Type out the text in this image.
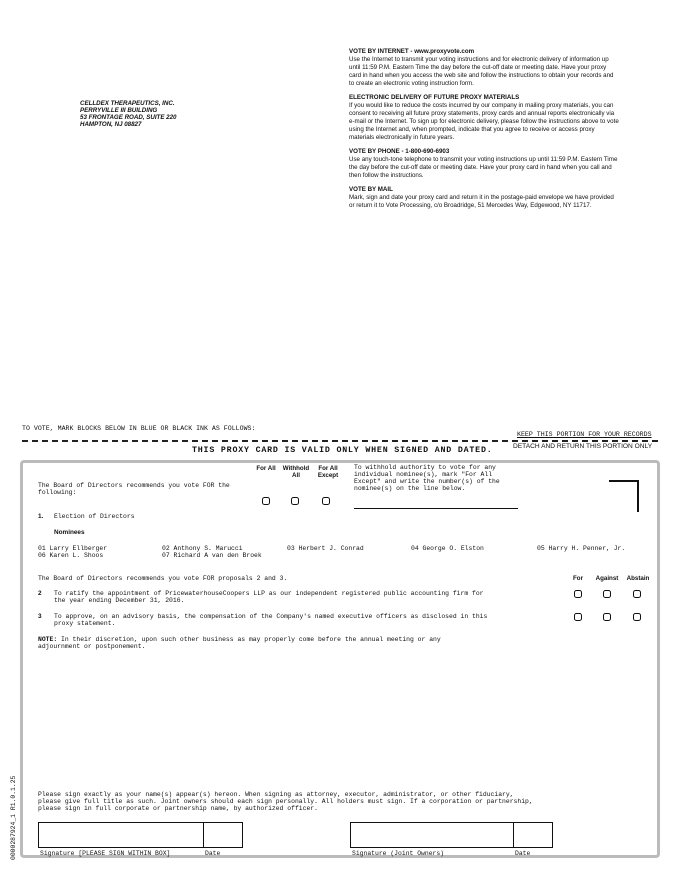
CELLDEX THERAPEUTICS, INC.
PERRYVILLE III BUILDING
53 FRONTAGE ROAD, SUITE 220
HAMPTON, NJ 08827
VOTE BY INTERNET - www.proxyvote.com
Use the Internet to transmit your voting instructions and for electronic delivery of information up until 11:59 P.M. Eastern Time the day before the cut-off date or meeting date. Have your proxy card in hand when you access the web site and follow the instructions to obtain your records and to create an electronic voting instruction form.
ELECTRONIC DELIVERY OF FUTURE PROXY MATERIALS
If you would like to reduce the costs incurred by our company in mailing proxy materials, you can consent to receiving all future proxy statements, proxy cards and annual reports electronically via e-mail or the Internet. To sign up for electronic delivery, please follow the instructions above to vote using the Internet and, when prompted, indicate that you agree to receive or access proxy materials electronically in future years.
VOTE BY PHONE - 1-800-690-6903
Use any touch-tone telephone to transmit your voting instructions up until 11:59 P.M. Eastern Time the day before the cut-off date or meeting date. Have your proxy card in hand when you call and then follow the instructions.
VOTE BY MAIL
Mark, sign and date your proxy card and return it in the postage-paid envelope we have provided or return it to Vote Processing, c/o Broadridge, 51 Mercedes Way, Edgewood, NY 11717.
TO VOTE, MARK BLOCKS BELOW IN BLUE OR BLACK INK AS FOLLOWS:
KEEP THIS PORTION FOR YOUR RECORDS
THIS PROXY CARD IS VALID ONLY WHEN SIGNED AND DATED.	DETACH AND RETURN THIS PORTION ONLY
The Board of Directors recommends you vote FOR the following:
For All	Withhold All
For All Except
To withhold authority to vote for any individual nominee(s), mark "For All Except" and write the number(s) of the nominee(s) on the line below.
1. Election of Directors
Nominees
01 Larry Ellberger	02 Anthony S. Marucci	03 Herbert J. Conrad	04 George O. Elston	05 Harry H. Penner, Jr.
06 Karen L. Shoos	07 Richard A van den Broek
The Board of Directors recommends you vote FOR proposals 2 and 3.	For	Against	Abstain
2 To ratify the appointment of PricewaterhouseCoopers LLP as our independent registered public accounting firm for the year ending December 31, 2016.
3 To approve, on an advisory basis, the compensation of the Company's named executive officers as disclosed in this proxy statement.
NOTE: In their discretion, upon such other business as may properly come before the annual meeting or any adjournment or postponement.
Please sign exactly as your name(s) appear(s) hereon. When signing as attorney, executor, administrator, or other fiduciary, please give full title as such. Joint owners should each sign personally. All holders must sign. If a corporation or partnership, please sign in full corporate or partnership name, by authorized officer.
Signature [PLEASE SIGN WITHIN BOX]	Date	Signature (Joint Owners)	Date
0000287924_1 R1.0.1.25
